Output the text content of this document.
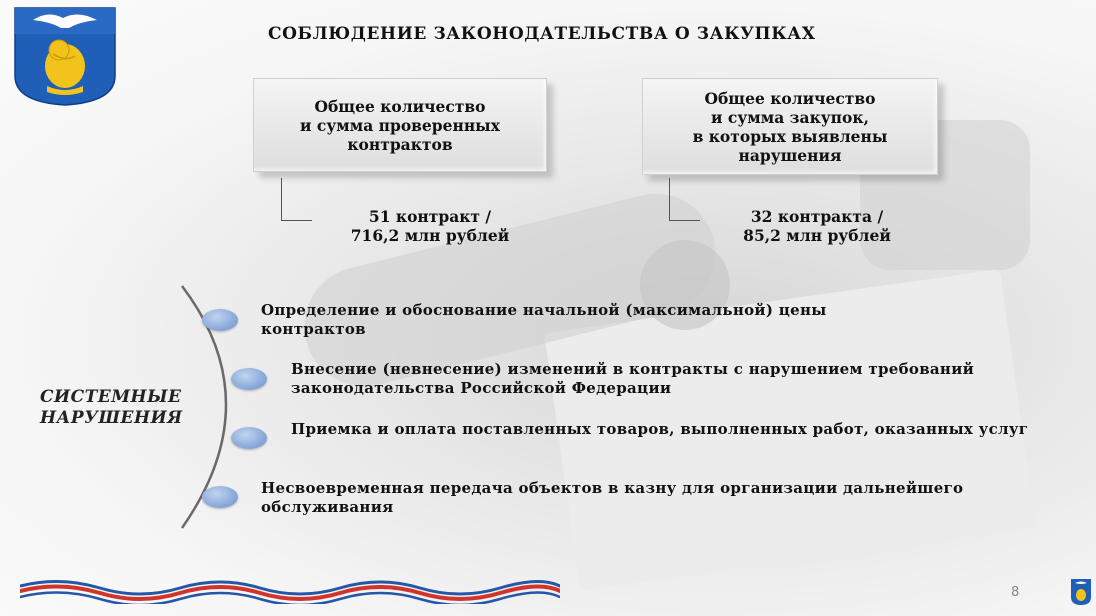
СОБЛЮДЕНИЕ ЗАКОНОДАТЕЛЬСТВА О ЗАКУПКАХ
Общее количество
и сумма проверенных
контрактов
Общее количество
и сумма закупок,
в которых выявлены
нарушения
51 контракт /
716,2 млн рублей
32 контракта /
85,2 млн рублей
СИСТЕМНЫЕ
НАРУШЕНИЯ
Определение и обоснование начальной (максимальной) цены контрактов
Внесение (невнесение) изменений в контракты с нарушением требований законодательства Российской Федерации
Приемка и оплата поставленных товаров, выполненных работ, оказанных услуг
Несвоевременная передача объектов в казну для организации дальнейшего обслуживания
8
